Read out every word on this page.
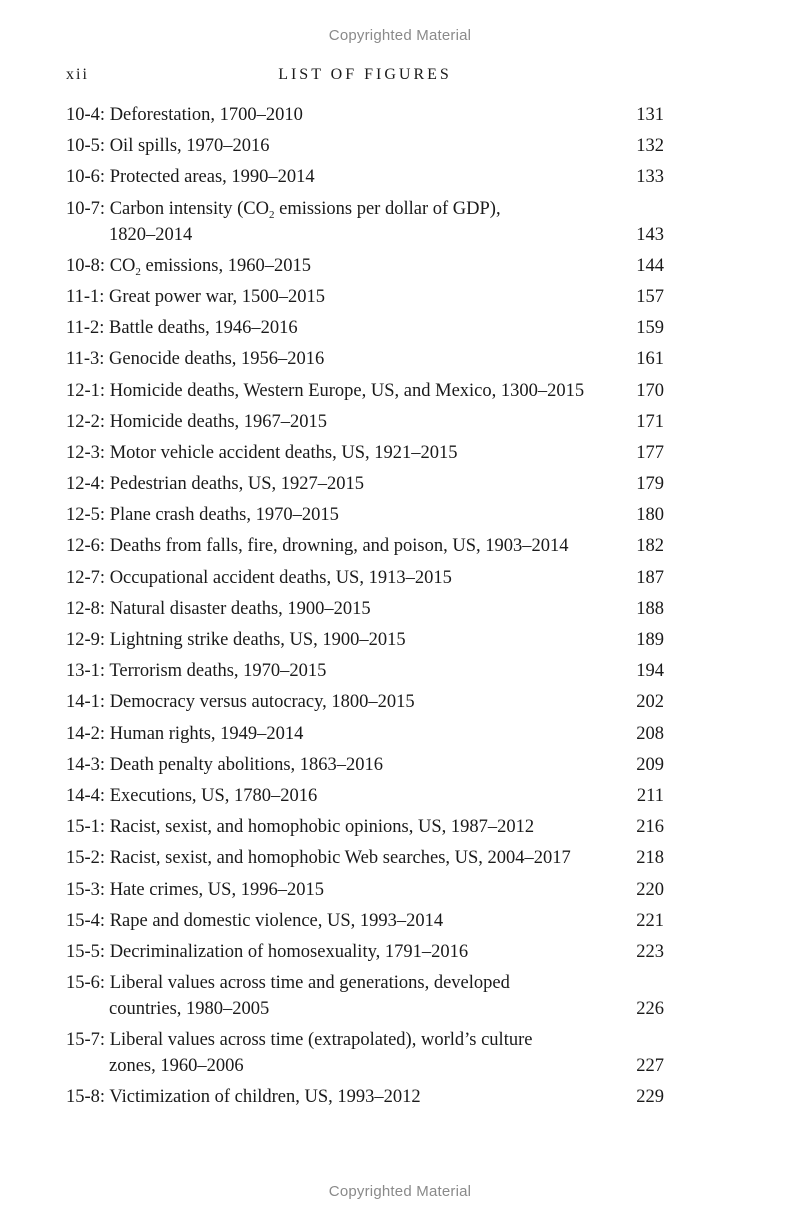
Copyrighted Material
xii	LIST OF FIGURES
10-4: Deforestation, 1700–2010	131
10-5: Oil spills, 1970–2016	132
10-6: Protected areas, 1990–2014	133
10-7: Carbon intensity ($CO_2$ emissions per dollar of GDP),
1820–2014	143
10-8: $CO_2$ emissions, 1960–2015	144
11-1: Great power war, 1500–2015	157
11-2: Battle deaths, 1946–2016	159
11-3: Genocide deaths, 1956–2016	161
12-1: Homicide deaths, Western Europe, US, and Mexico, 1300–2015	170
12-2: Homicide deaths, 1967–2015	171
12-3: Motor vehicle accident deaths, US, 1921–2015	177
12-4: Pedestrian deaths, US, 1927–2015	179
12-5: Plane crash deaths, 1970–2015	180
12-6: Deaths from falls, fire, drowning, and poison, US, 1903–2014	182
12-7: Occupational accident deaths, US, 1913–2015	187
12-8: Natural disaster deaths, 1900–2015	188
12-9: Lightning strike deaths, US, 1900–2015	189
13-1: Terrorism deaths, 1970–2015	194
14-1: Democracy versus autocracy, 1800–2015	202
14-2: Human rights, 1949–2014	208
14-3: Death penalty abolitions, 1863–2016	209
14-4: Executions, US, 1780–2016	211
15-1: Racist, sexist, and homophobic opinions, US, 1987–2012	216
15-2: Racist, sexist, and homophobic Web searches, US, 2004–2017	218
15-3: Hate crimes, US, 1996–2015	220
15-4: Rape and domestic violence, US, 1993–2014	221
15-5: Decriminalization of homosexuality, 1791–2016	223
15-6: Liberal values across time and generations, developed
countries, 1980–2005	226
15-7: Liberal values across time (extrapolated), world’s culture
zones, 1960–2006	227
15-8: Victimization of children, US, 1993–2012	229
Copyrighted Material
